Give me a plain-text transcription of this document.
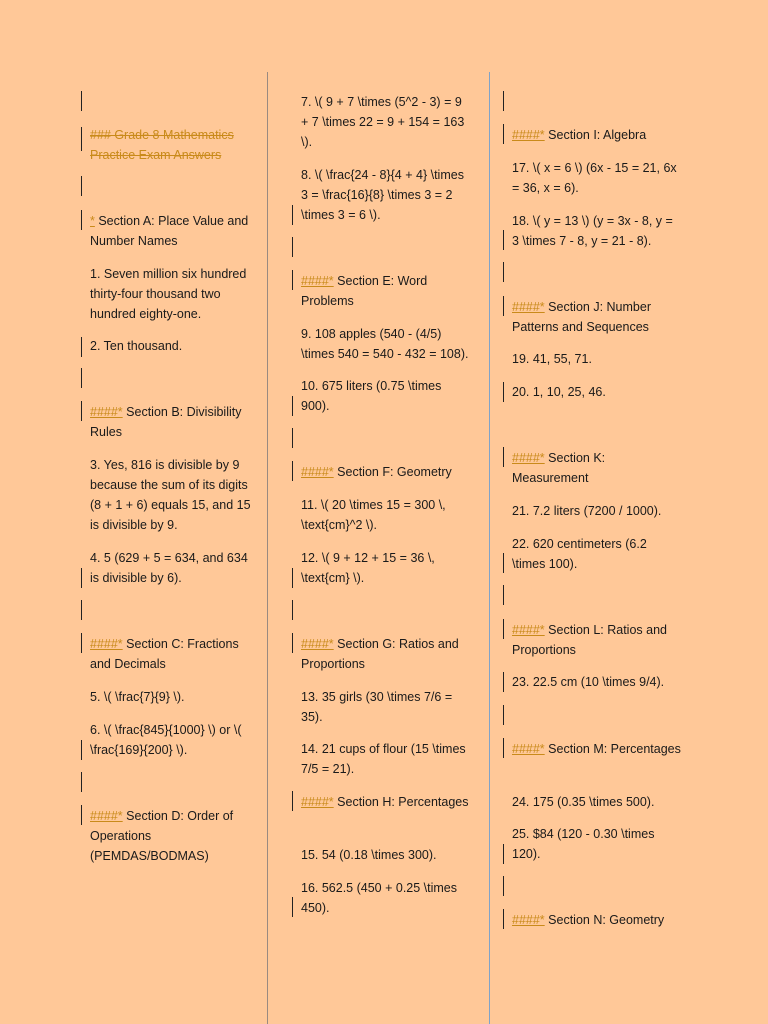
### Grade 8 Mathematics Practice Exam Answers
* Section A: Place Value and Number Names

1. Seven million six hundred thirty-four thousand two hundred eighty-one.

2. Ten thousand.

####* Section B: Divisibility Rules

3. Yes, 816 is divisible by 9 because the sum of its digits (8 + 1 + 6) equals 15, and 15 is divisible by 9.

4. 5 (629 + 5 = 634, and 634 is divisible by 6).

####* Section C: Fractions and Decimals

5. \( \frac{7}{9} \).

6. \( \frac{845}{1000} \) or \( \frac{169}{200} \).

####* Section D: Order of Operations (PEMDAS/BODMAS)

7. \( 9 + 7 \times (5^2 - 3) = 9 + 7 \times 22 = 9 + 154 = 163 \).

8. \( \frac{24 - 8}{4 + 4} \times 3 = \frac{16}{8} \times 3 = 2 \times 3 = 6 \).

####* Section E: Word Problems

9. 108 apples (540 - (4/5) \times 540 = 540 - 432 = 108).

10. 675 liters (0.75 \times 900).

####* Section F: Geometry

11. \( 20 \times 15 = 300 \, \text{cm}^2 \).

12. \( 9 + 12 + 15 = 36 \, \text{cm} \).

####* Section G: Ratios and Proportions

13. 35 girls (30 \times 7/6 = 35).

14. 21 cups of flour (15 \times 7/5 = 21).

####* Section H: Percentages

15. 54 (0.18 \times 300).

16. 562.5 (450 + 0.25 \times 450).

####* Section I: Algebra

17. \( x = 6 \) (6x - 15 = 21, 6x = 36, x = 6).

18. \( y = 13 \) (y = 3x - 8, y = 3 \times 7 - 8, y = 21 - 8).

####* Section J: Number Patterns and Sequences

19. 41, 55, 71.

20. 1, 10, 25, 46.

####* Section K: Measurement

21. 7.2 liters (7200 / 1000).

22. 620 centimeters (6.2 \times 100).

####* Section L: Ratios and Proportions

23. 22.5 cm (10 \times 9/4).

####* Section M: Percentages

24. 175 (0.35 \times 500).

25. $84 (120 - 0.30 \times 120).

####* Section N: Geometry
